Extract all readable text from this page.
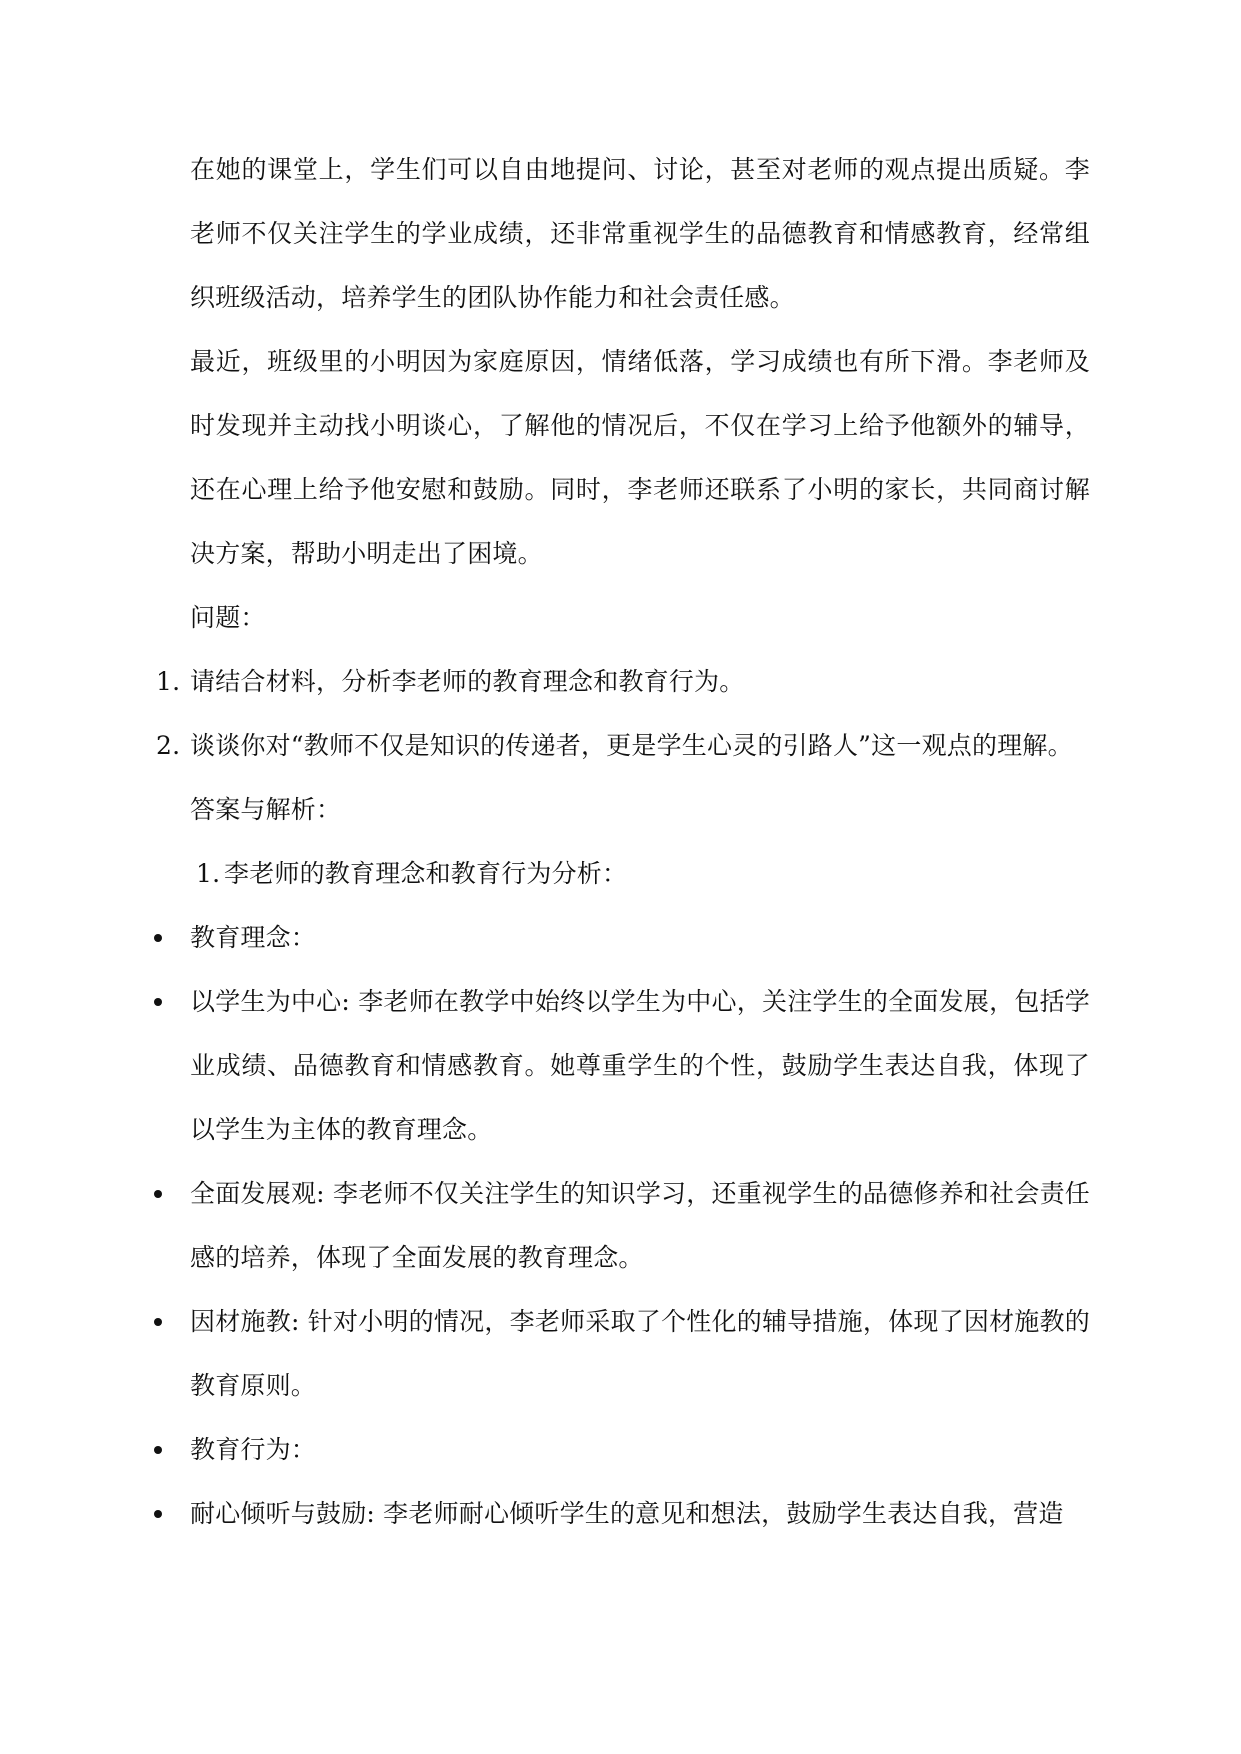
在她的课堂上，学生们可以自由地提问、讨论，甚至对老师的观点提出质疑。李老师不仅关注学生的学业成绩，还非常重视学生的品德教育和情感教育，经常组织班级活动，培养学生的团队协作能力和社会责任感。

最近，班级里的小明因为家庭原因，情绪低落，学习成绩也有所下滑。李老师及时发现并主动找小明谈心，了解他的情况后，不仅在学习上给予他额外的辅导，还在心理上给予他安慰和鼓励。同时，李老师还联系了小明的家长，共同商讨解决方案，帮助小明走出了困境。

问题：

1. 请结合材料，分析李老师的教育理念和教育行为。
2. 谈谈你对“教师不仅是知识的传递者，更是学生心灵的引路人”这一观点的理解。

答案与解析：

1. 李老师的教育理念和教育行为分析：
教育理念：
以学生为中心: 李老师在教学中始终以学生为中心，关注学生的全面发展，包括学业成绩、品德教育和情感教育。她尊重学生的个性，鼓励学生表达自我，体现了以学生为主体的教育理念。
全面发展观: 李老师不仅关注学生的知识学习，还重视学生的品德修养和社会责任感的培养，体现了全面发展的教育理念。
因材施教: 针对小明的情况，李老师采取了个性化的辅导措施，体现了因材施教的教育原则。
教育行为：
耐心倾听与鼓励: 李老师耐心倾听学生的意见和想法，鼓励学生表达自我，营造
